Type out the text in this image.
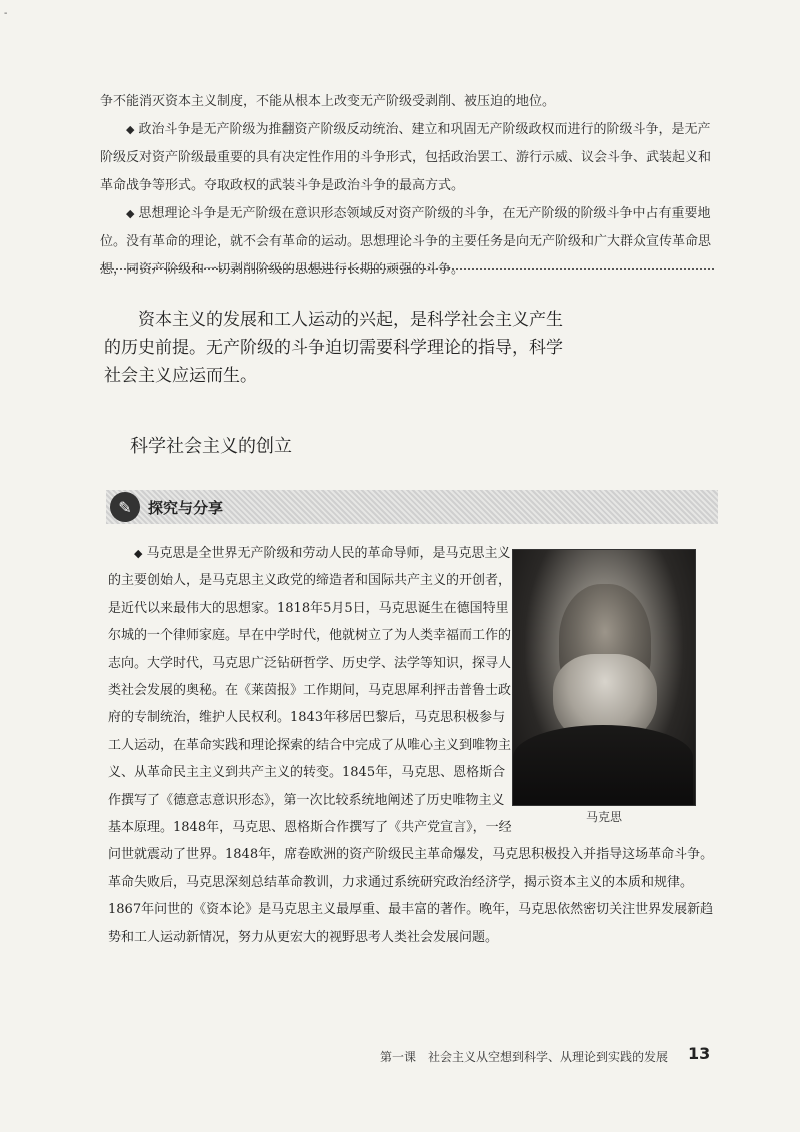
-

争不能消灭资本主义制度，不能从根本上改变无产阶级受剥削、被压迫的地位。

◆ 政治斗争是无产阶级为推翻资产阶级反动统治、建立和巩固无产阶级政权而进行的阶级斗争，是无产阶级反对资产阶级最重要的具有决定性作用的斗争形式，包括政治罢工、游行示威、议会斗争、武装起义和革命战争等形式。夺取政权的武装斗争是政治斗争的最高方式。

◆ 思想理论斗争是无产阶级在意识形态领域反对资产阶级的斗争，在无产阶级的阶级斗争中占有重要地位。没有革命的理论，就不会有革命的运动。思想理论斗争的主要任务是向无产阶级和广大群众宣传革命思想，同资产阶级和一切剥削阶级的思想进行长期的顽强的斗争。

资本主义的发展和工人运动的兴起，是科学社会主义产生的历史前提。无产阶级的斗争迫切需要科学理论的指导，科学社会主义应运而生。
科学社会主义的创立
✎	探究与分享

◆ 马克思是全世界无产阶级和劳动人民的革命导师，是马克思主义的主要创始人，是马克思主义政党的缔造者和国际共产主义的开创者，是近代以来最伟大的思想家。1818年5月5日，马克思诞生在德国特里尔城的一个律师家庭。早在中学时代，他就树立了为人类幸福而工作的志向。大学时代，马克思广泛钻研哲学、历史学、法学等知识，探寻人类社会发展的奥秘。在《莱茵报》工作期间，马克思犀利抨击普鲁士政府的专制统治，维护人民权利。1843年移居巴黎后，马克思积极参与工人运动，在革命实践和理论探索的结合中完成了从唯心主义到唯物主义、从革命民主主义到共产主义的转变。1845年，马克思、恩格斯合作撰写了《德意志意识形态》，第一次比较系统地阐述了历史唯物主义基本原理。1848年，马克思、恩格斯合作撰写了《共产党宣言》，一经问世就震动了世界。1848年，席卷欧洲的资产阶级民主革命爆发，马克思积极投入并指导这场革命斗争。革命失败后，马克思深刻总结革命教训，力求通过系统研究政治经济学，揭示资本主义的本质和规律。1867年问世的《资本论》是马克思主义最厚重、最丰富的著作。晚年，马克思依然密切关注世界发展新趋势和工人运动新情况，努力从更宏大的视野思考人类社会发展问题。

马克思
第一课　社会主义从空想到科学、从理论到实践的发展 13
